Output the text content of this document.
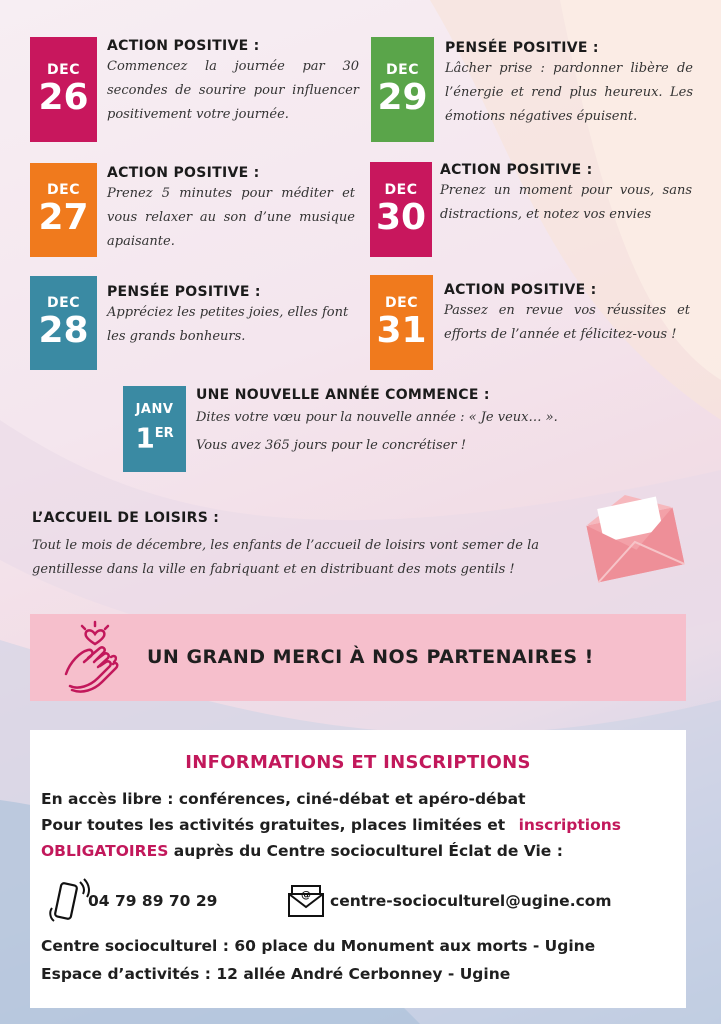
DEC
26
ACTION POSITIVE :
Commencez la journée par 30 secondes de sourire pour influencer positivement votre journée.
DEC
29
PENSÉE POSITIVE :
Lâcher prise : pardonner libère de l’énergie et rend plus heureux. Les émotions négatives épuisent.
DEC
27
ACTION POSITIVE :
Prenez 5 minutes pour méditer et vous relaxer au son d’une musique apaisante.
DEC
30
ACTION POSITIVE :
Prenez un moment pour vous, sans distractions, et notez vos envies
DEC
28
PENSÉE POSITIVE :
Appréciez les petites joies, elles font les grands bonheurs.
DEC
31
ACTION POSITIVE :
Passez en revue vos réussites et efforts de l’année et félicitez-vous !
JANV
1ER
UNE NOUVELLE ANNÉE COMMENCE :
Dites votre vœu pour la nouvelle année : « Je veux… ».
Vous avez 365 jours pour le concrétiser !
L’ACCUEIL DE LOISIRS :
Tout le mois de décembre, les enfants de l’accueil de loisirs vont semer de la gentillesse dans la ville en fabriquant et en distribuant des mots gentils !
UN GRAND MERCI À NOS PARTENAIRES !
INFORMATIONS ET INSCRIPTIONS
En accès libre : conférences, ciné-débat et apéro-débat
Pour toutes les activités gratuites, places limitées et inscriptions
OBLIGATOIRES auprès du Centre socioculturel Éclat de Vie :
04 79 89 70 29	@ centre-socioculturel@ugine.com
Centre socioculturel : 60 place du Monument aux morts - Ugine
Espace d’activités : 12 allée André Cerbonney - Ugine
